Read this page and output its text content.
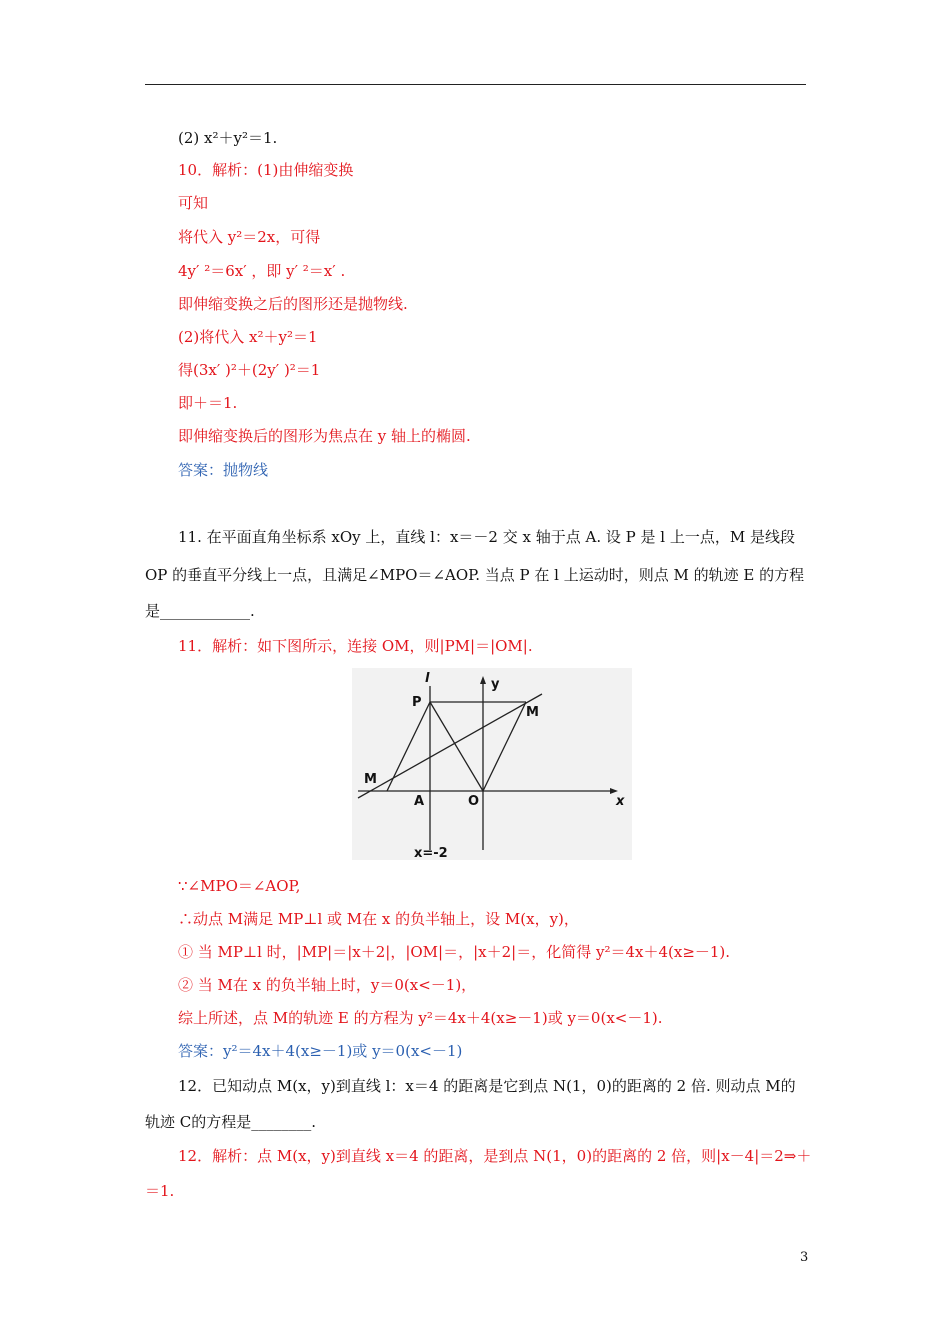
(2) x²＋y²＝1.
10．解析：(1)由伸缩变换
可知
将代入 y²＝2x，可得
4y′ ²＝6x′ ，即 y′ ²＝x′ .
即伸缩变换之后的图形还是抛物线.
(2)将代入 x²＋y²＝1
得(3x′ )²＋(2y′ )²＝1
即＋＝1.
即伸缩变换后的图形为焦点在 y 轴上的椭圆.
答案：抛物线
11. 在平面直角坐标系 xOy 上，直线 l：x＝－2 交 x 轴于点 A. 设 P 是 l 上一点，M 是线段
OP 的垂直平分线上一点，且满足∠MPO＝∠AOP. 当点 P 在 l 上运动时，则点 M 的轨迹 E 的方程
是____________.
11．解析：如下图所示，连接 OM，则|PM|＝|OM|.
l	y
P
M
M
A	O	x
x=-2
∵∠MPO＝∠AOP,
∴动点 M满足 MP⊥l 或 M在 x 的负半轴上，设 M(x，y)，
① 当 MP⊥l 时，|MP|＝|x＋2|，|OM|＝，|x＋2|＝，化简得 y²＝4x＋4(x≥－1).
② 当 M在 x 的负半轴上时，y＝0(x<－1)，
综上所述，点 M的轨迹 E 的方程为 y²＝4x＋4(x≥－1)或 y＝0(x<－1).
答案：y²＝4x＋4(x≥－1)或 y＝0(x<－1)
12．已知动点 M(x，y)到直线 l：x＝4 的距离是它到点 N(1，0)的距离的 2 倍. 则动点 M的
轨迹 C的方程是________.
12．解析：点 M(x，y)到直线 x＝4 的距离，是到点 N(1，0)的距离的 2 倍，则|x－4|＝2⇒＋
＝1.
3
